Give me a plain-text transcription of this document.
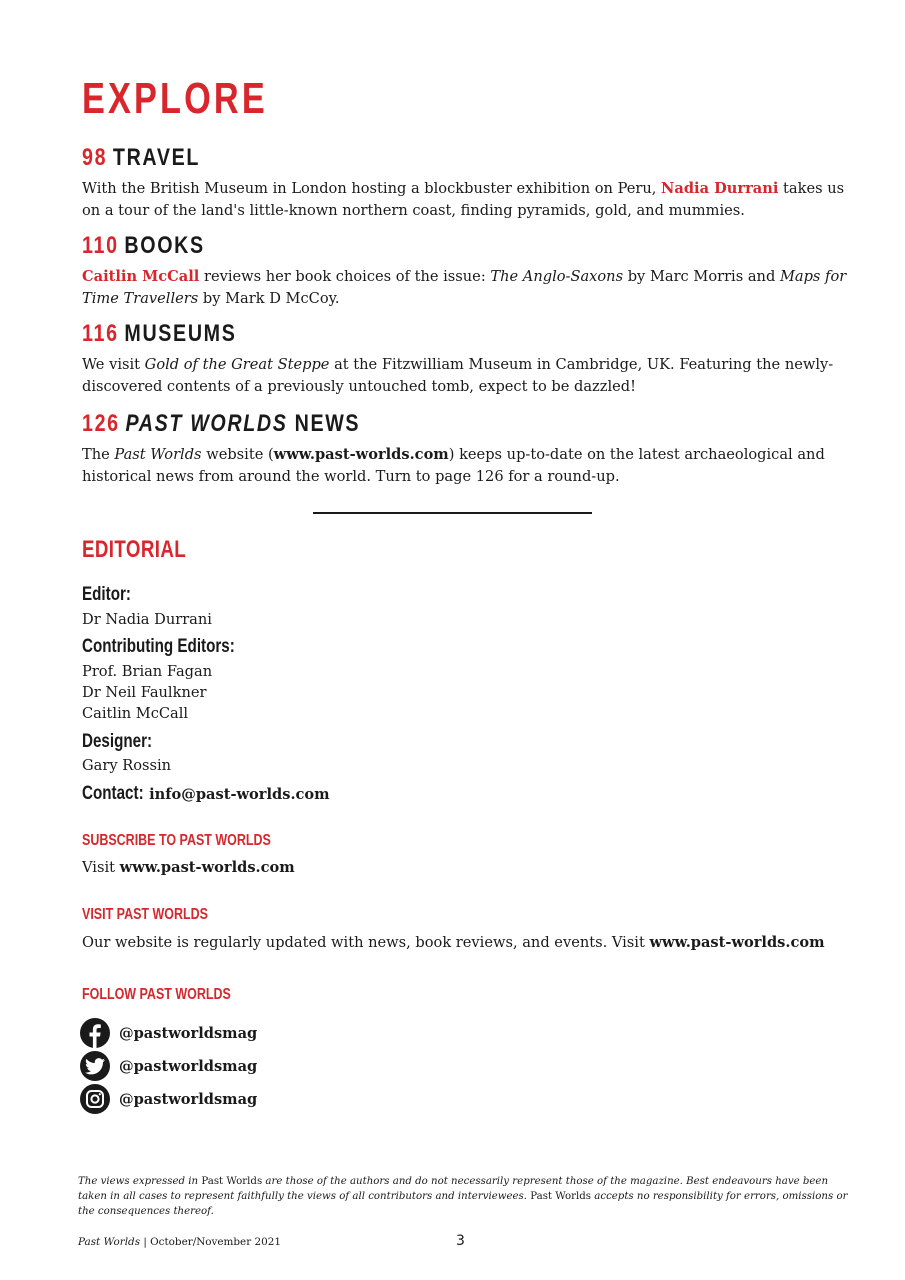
EXPLORE
98 TRAVEL
With the British Museum in London hosting a blockbuster exhibition on Peru, Nadia Durrani takes us on a tour of the land's little-known northern coast, finding pyramids, gold, and mummies.
110 BOOKS
Caitlin McCall reviews her book choices of the issue: The Anglo-Saxons by Marc Morris and Maps for Time Travellers by Mark D McCoy.
116 MUSEUMS
We visit Gold of the Great Steppe at the Fitzwilliam Museum in Cambridge, UK. Featuring the newly-discovered contents of a previously untouched tomb, expect to be dazzled!
126 PAST WORLDS NEWS
The Past Worlds website (www.past-worlds.com) keeps up-to-date on the latest archaeological and historical news from around the world. Turn to page 126 for a round-up.
EDITORIAL
Editor:
Dr Nadia Durrani
Contributing Editors:
Prof. Brian Fagan
Dr Neil Faulkner
Caitlin McCall
Designer:
Gary Rossin
Contact: info@past-worlds.com
SUBSCRIBE TO PAST WORLDS
Visit www.past-worlds.com
VISIT PAST WORLDS
Our website is regularly updated with news, book reviews, and events. Visit www.past-worlds.com
FOLLOW PAST WORLDS
@pastworldsmag
@pastworldsmag
@pastworldsmag
The views expressed in Past Worlds are those of the authors and do not necessarily represent those of the magazine. Best endeavours have been taken in all cases to represent faithfully the views of all contributors and interviewees. Past Worlds accepts no responsibility for errors, omissions or the consequences thereof.
Past Worlds | October/November 2021	3
